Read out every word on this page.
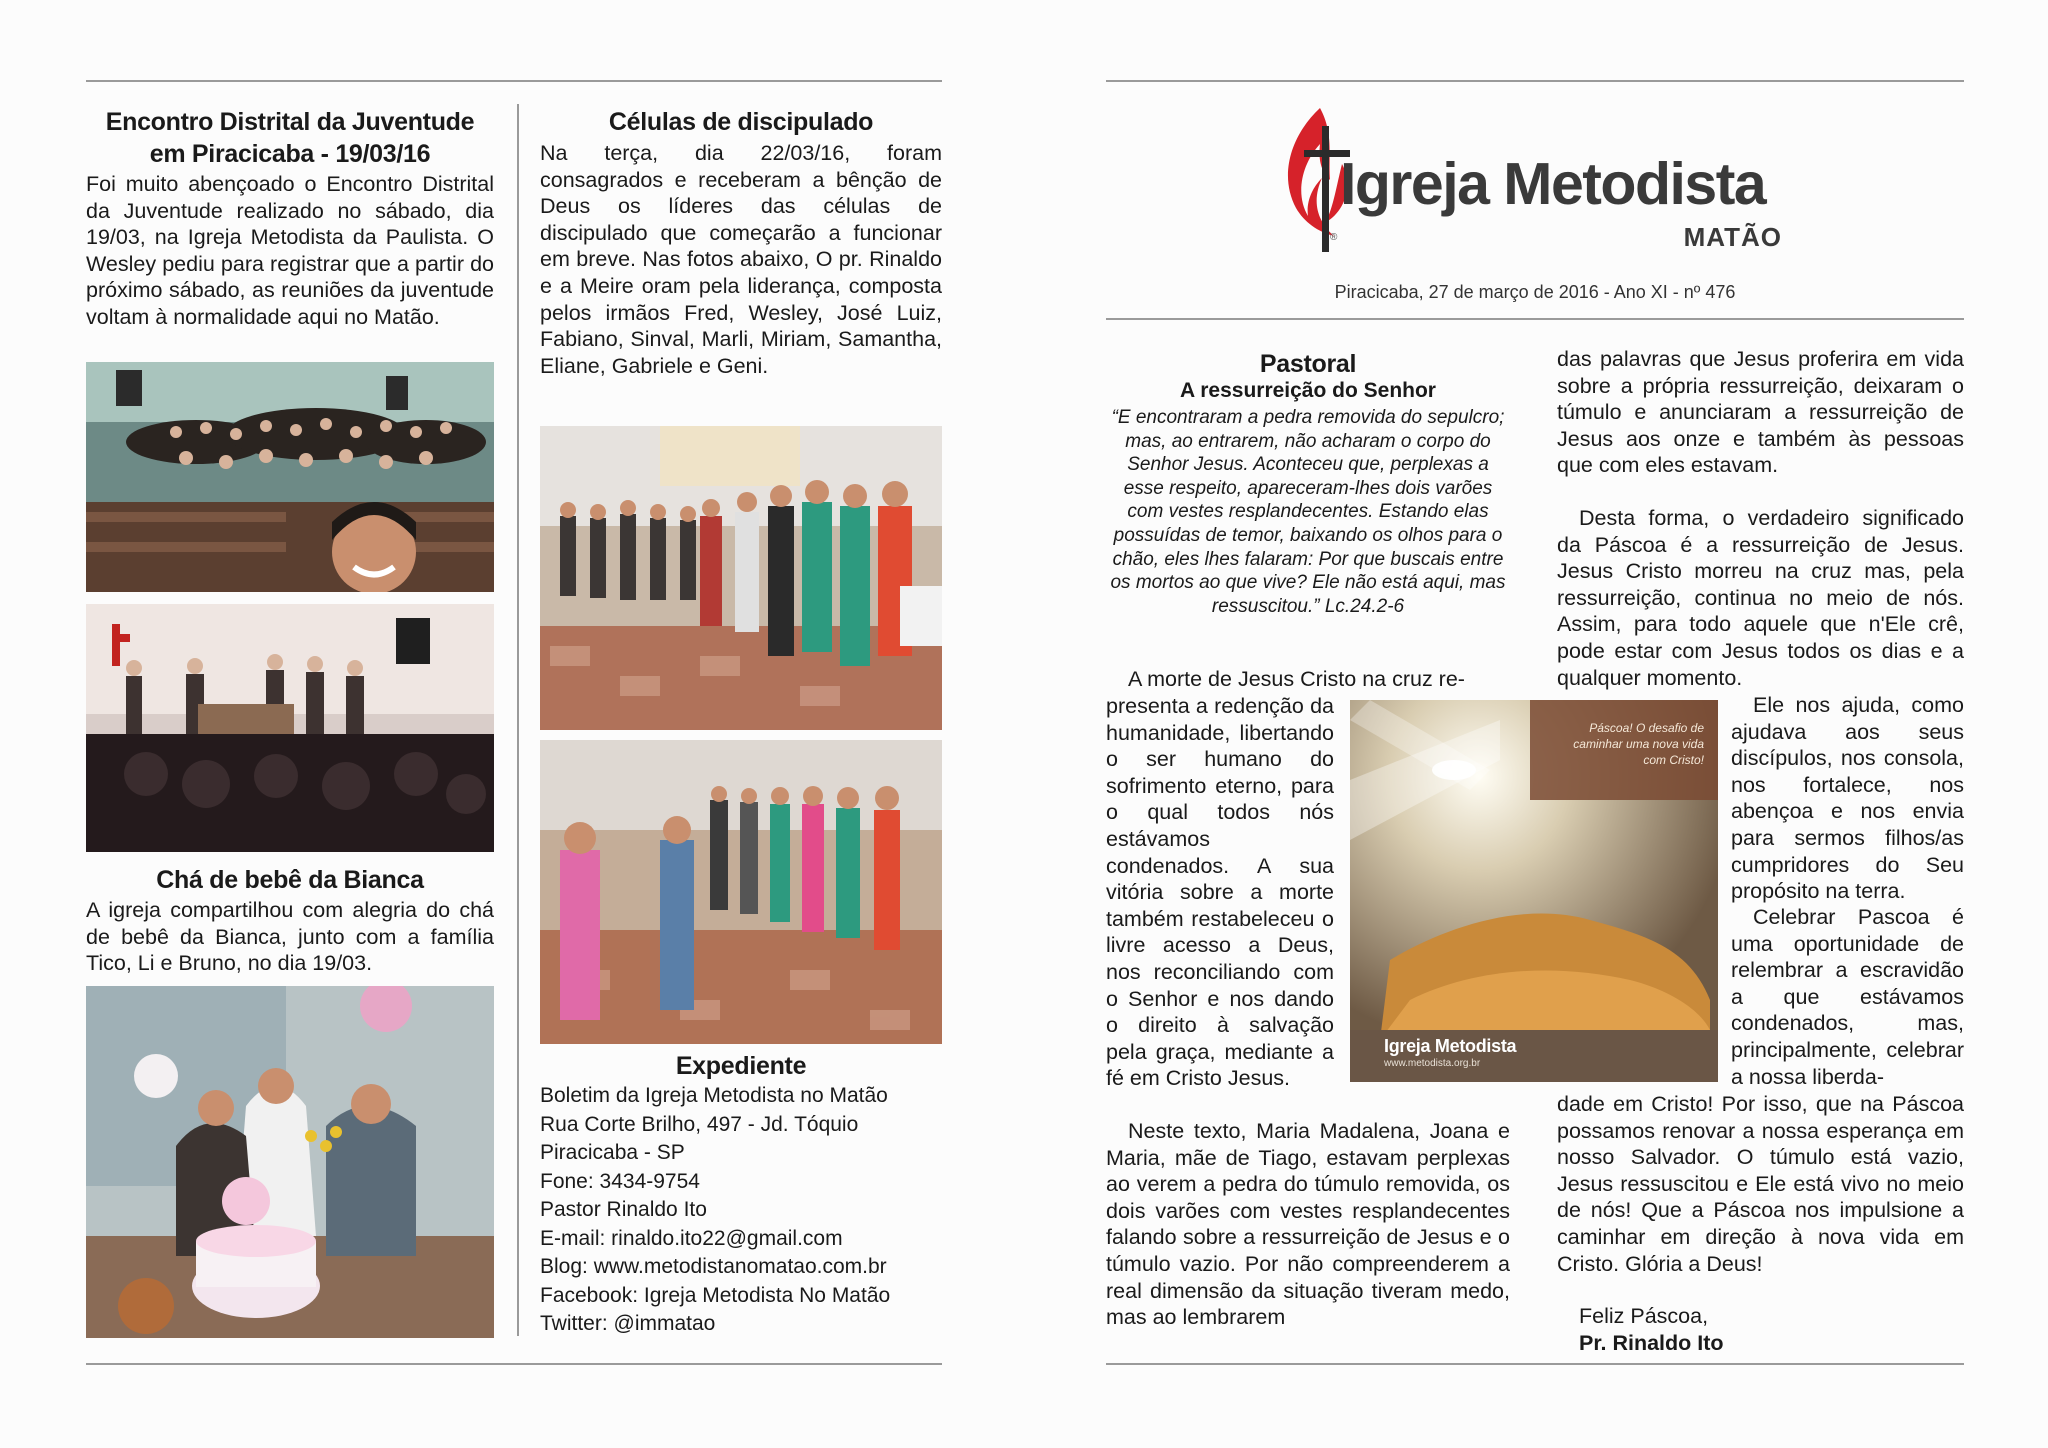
Encontro Distrital da Juventude em Piracicaba - 19/03/16

Foi muito abençoado o Encontro Distrital da Juventude realizado no sábado, dia 19/03, na Igreja Metodista da Paulista. O Wesley pediu para registrar que a partir do próximo sábado, as reuniões da juventude voltam à normalidade aqui no Matão.

Chá de bebê da Bianca

A igreja compartilhou com alegria do chá de bebê da Bianca, junto com a família Tico, Li e Bruno, no dia 19/03.

Células de discipulado

Na terça, dia 22/03/16, foram consagrados e receberam a bênção de Deus os líderes das células de discipulado que começarão a funcionar em breve. Nas fotos abaixo, O pr. Rinaldo e a Meire oram pela liderança, composta pelos irmãos Fred, Wesley, José Luiz, Fabiano, Sinval, Marli, Miriam, Samantha, Eliane, Gabriele e Geni.

Expediente
Boletim da Igreja Metodista no Matão
Rua Corte Brilho, 497 - Jd. Tóquio
Piracicaba - SP
Fone: 3434-9754
Pastor Rinaldo Ito
E-mail: rinaldo.ito22@gmail.com
Blog: www.metodistanomatao.com.br
Facebook: Igreja Metodista No Matão
Twitter: @immatao
Igreja Metodista
®	MATÃO
Piracicaba, 27 de março de 2016 - Ano XI - nº 476
Pastoral
A ressurreição do Senhor

“E encontraram a pedra removida do sepulcro; mas, ao entrarem, não acharam o corpo do Senhor Jesus. Aconteceu que, perplexas a esse respeito, apareceram-lhes dois varões com vestes resplandecentes. Estando elas possuídas de temor, baixando os olhos para o chão, eles lhes falaram: Por que buscais entre os mortos ao que vive? Ele não está aqui, mas ressuscitou.” Lc.24.2-6

A morte de Jesus Cristo na cruz re-

presenta a redenção da humanidade, libertando o ser humano do sofrimento eterno, para o qual todos nós estávamos condenados. A sua vitória sobre a morte também restabeleceu o livre acesso a Deus, nos reconciliando com o Senhor e nos dando o direito à salvação pela graça, mediante a fé em Cristo Jesus.

Neste texto, Maria Madalena, Joana e Maria, mãe de Tiago, estavam perplexas ao verem a pedra do túmulo removida, os dois varões com vestes resplandecentes falando sobre a ressurreição de Jesus e o túmulo vazio. Por não compreenderem a real dimensão da situação tiveram medo, mas ao lembrarem

das palavras que Jesus proferira em vida sobre a própria ressurreição, deixaram o túmulo e anunciaram a ressurreição de Jesus aos onze e também às pessoas que com eles estavam.

Desta forma, o verdadeiro significado da Páscoa é a ressurreição de Jesus. Jesus Cristo morreu na cruz mas, pela ressurreição, continua no meio de nós. Assim, para todo aquele que n'Ele crê, pode estar com Jesus todos os dias e a qualquer momento.

Ele nos ajuda, como ajudava aos seus discípulos, nos consola, nos fortalece, nos abençoa e nos envia para sermos filhos/as cumpridores do Seu propósito na terra.

Celebrar Pascoa é uma oportunidade de relembrar a escravidão a que estávamos condenados, mas, principalmente, celebrar a nossa liberda-

dade em Cristo! Por isso, que na Páscoa possamos renovar a nossa esperança em nosso Salvador. O túmulo está vazio, Jesus ressuscitou e Ele está vivo no meio de nós! Que a Páscoa nos impulsione a caminhar em direção à nova vida em Cristo. Glória a Deus!

Feliz Páscoa,
Pr. Rinaldo Ito
Páscoa! O desafio de caminhar uma nova vida com Cristo!
Igreja Metodista
www.metodista.org.br
